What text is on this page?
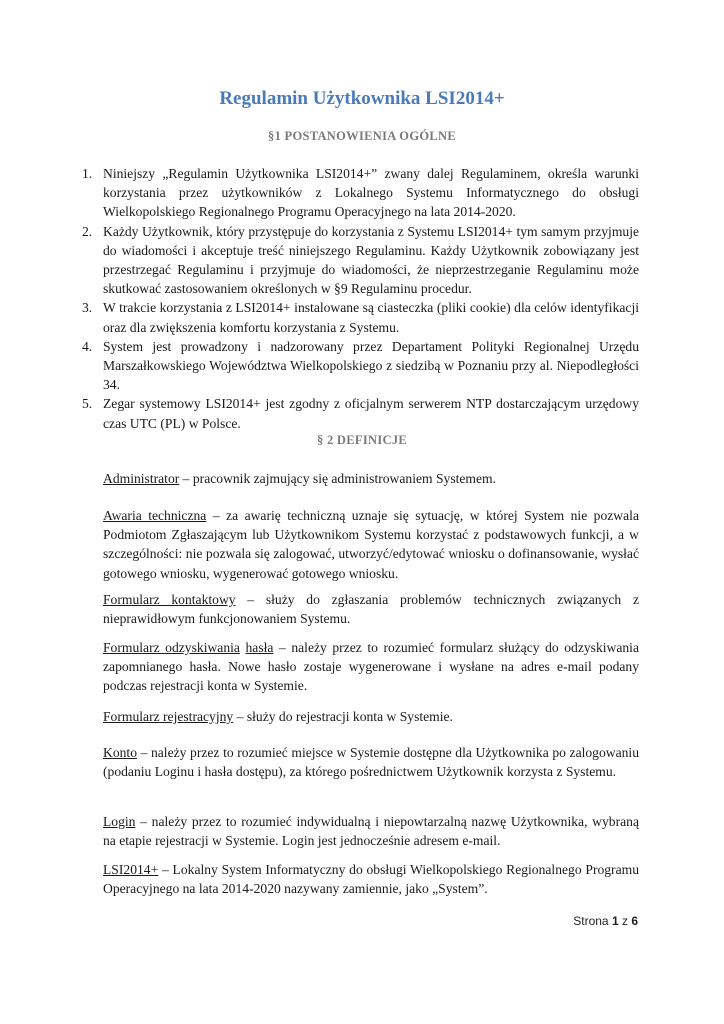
Regulamin Użytkownika LSI2014+
§1 POSTANOWIENIA OGÓLNE
1. Niniejszy „Regulamin Użytkownika LSI2014+” zwany dalej Regulaminem, określa warunki korzystania przez użytkowników z Lokalnego Systemu Informatycznego do obsługi Wielkopolskiego Regionalnego Programu Operacyjnego na lata 2014-2020.
2. Każdy Użytkownik, który przystępuje do korzystania z Systemu LSI2014+ tym samym przyjmuje do wiadomości i akceptuje treść niniejszego Regulaminu. Każdy Użytkownik zobowiązany jest przestrzegać Regulaminu i przyjmuje do wiadomości, że nieprzestrzeganie Regulaminu może skutkować zastosowaniem określonych w §9 Regulaminu procedur.
3. W trakcie korzystania z LSI2014+ instalowane są ciasteczka (pliki cookie) dla celów identyfikacji oraz dla zwiększenia komfortu korzystania z Systemu.
4. System jest prowadzony i nadzorowany przez Departament Polityki Regionalnej Urzędu Marszałkowskiego Województwa Wielkopolskiego z siedzibą w Poznaniu przy al. Niepodległości 34.
5. Zegar systemowy LSI2014+ jest zgodny z oficjalnym serwerem NTP dostarczającym urzędowy czas UTC (PL) w Polsce.
§ 2 DEFINICJE

Administrator – pracownik zajmujący się administrowaniem Systemem.

Awaria techniczna – za awarię techniczną uznaje się sytuację, w której System nie pozwala Podmiotom Zgłaszającym lub Użytkownikom Systemu korzystać z podstawowych funkcji, a w szczególności: nie pozwala się zalogować, utworzyć/edytować wniosku o dofinansowanie, wysłać gotowego wniosku, wygenerować gotowego wniosku.

Formularz kontaktowy – służy do zgłaszania problemów technicznych związanych z nieprawidłowym funkcjonowaniem Systemu.

Formularz odzyskiwania hasła – należy przez to rozumieć formularz służący do odzyskiwania zapomnianego hasła. Nowe hasło zostaje wygenerowane i wysłane na adres e-mail podany podczas rejestracji konta w Systemie.

Formularz rejestracyjny – służy do rejestracji konta w Systemie.

Konto – należy przez to rozumieć miejsce w Systemie dostępne dla Użytkownika po zalogowaniu (podaniu Loginu i hasła dostępu), za którego pośrednictwem Użytkownik korzysta z Systemu.

Login – należy przez to rozumieć indywidualną i niepowtarzalną nazwę Użytkownika, wybraną na etapie rejestracji w Systemie. Login jest jednocześnie adresem e-mail.

LSI2014+ – Lokalny System Informatyczny do obsługi Wielkopolskiego Regionalnego Programu Operacyjnego na lata 2014-2020 nazywany zamiennie, jako „System”.

Strona 1 z 6
